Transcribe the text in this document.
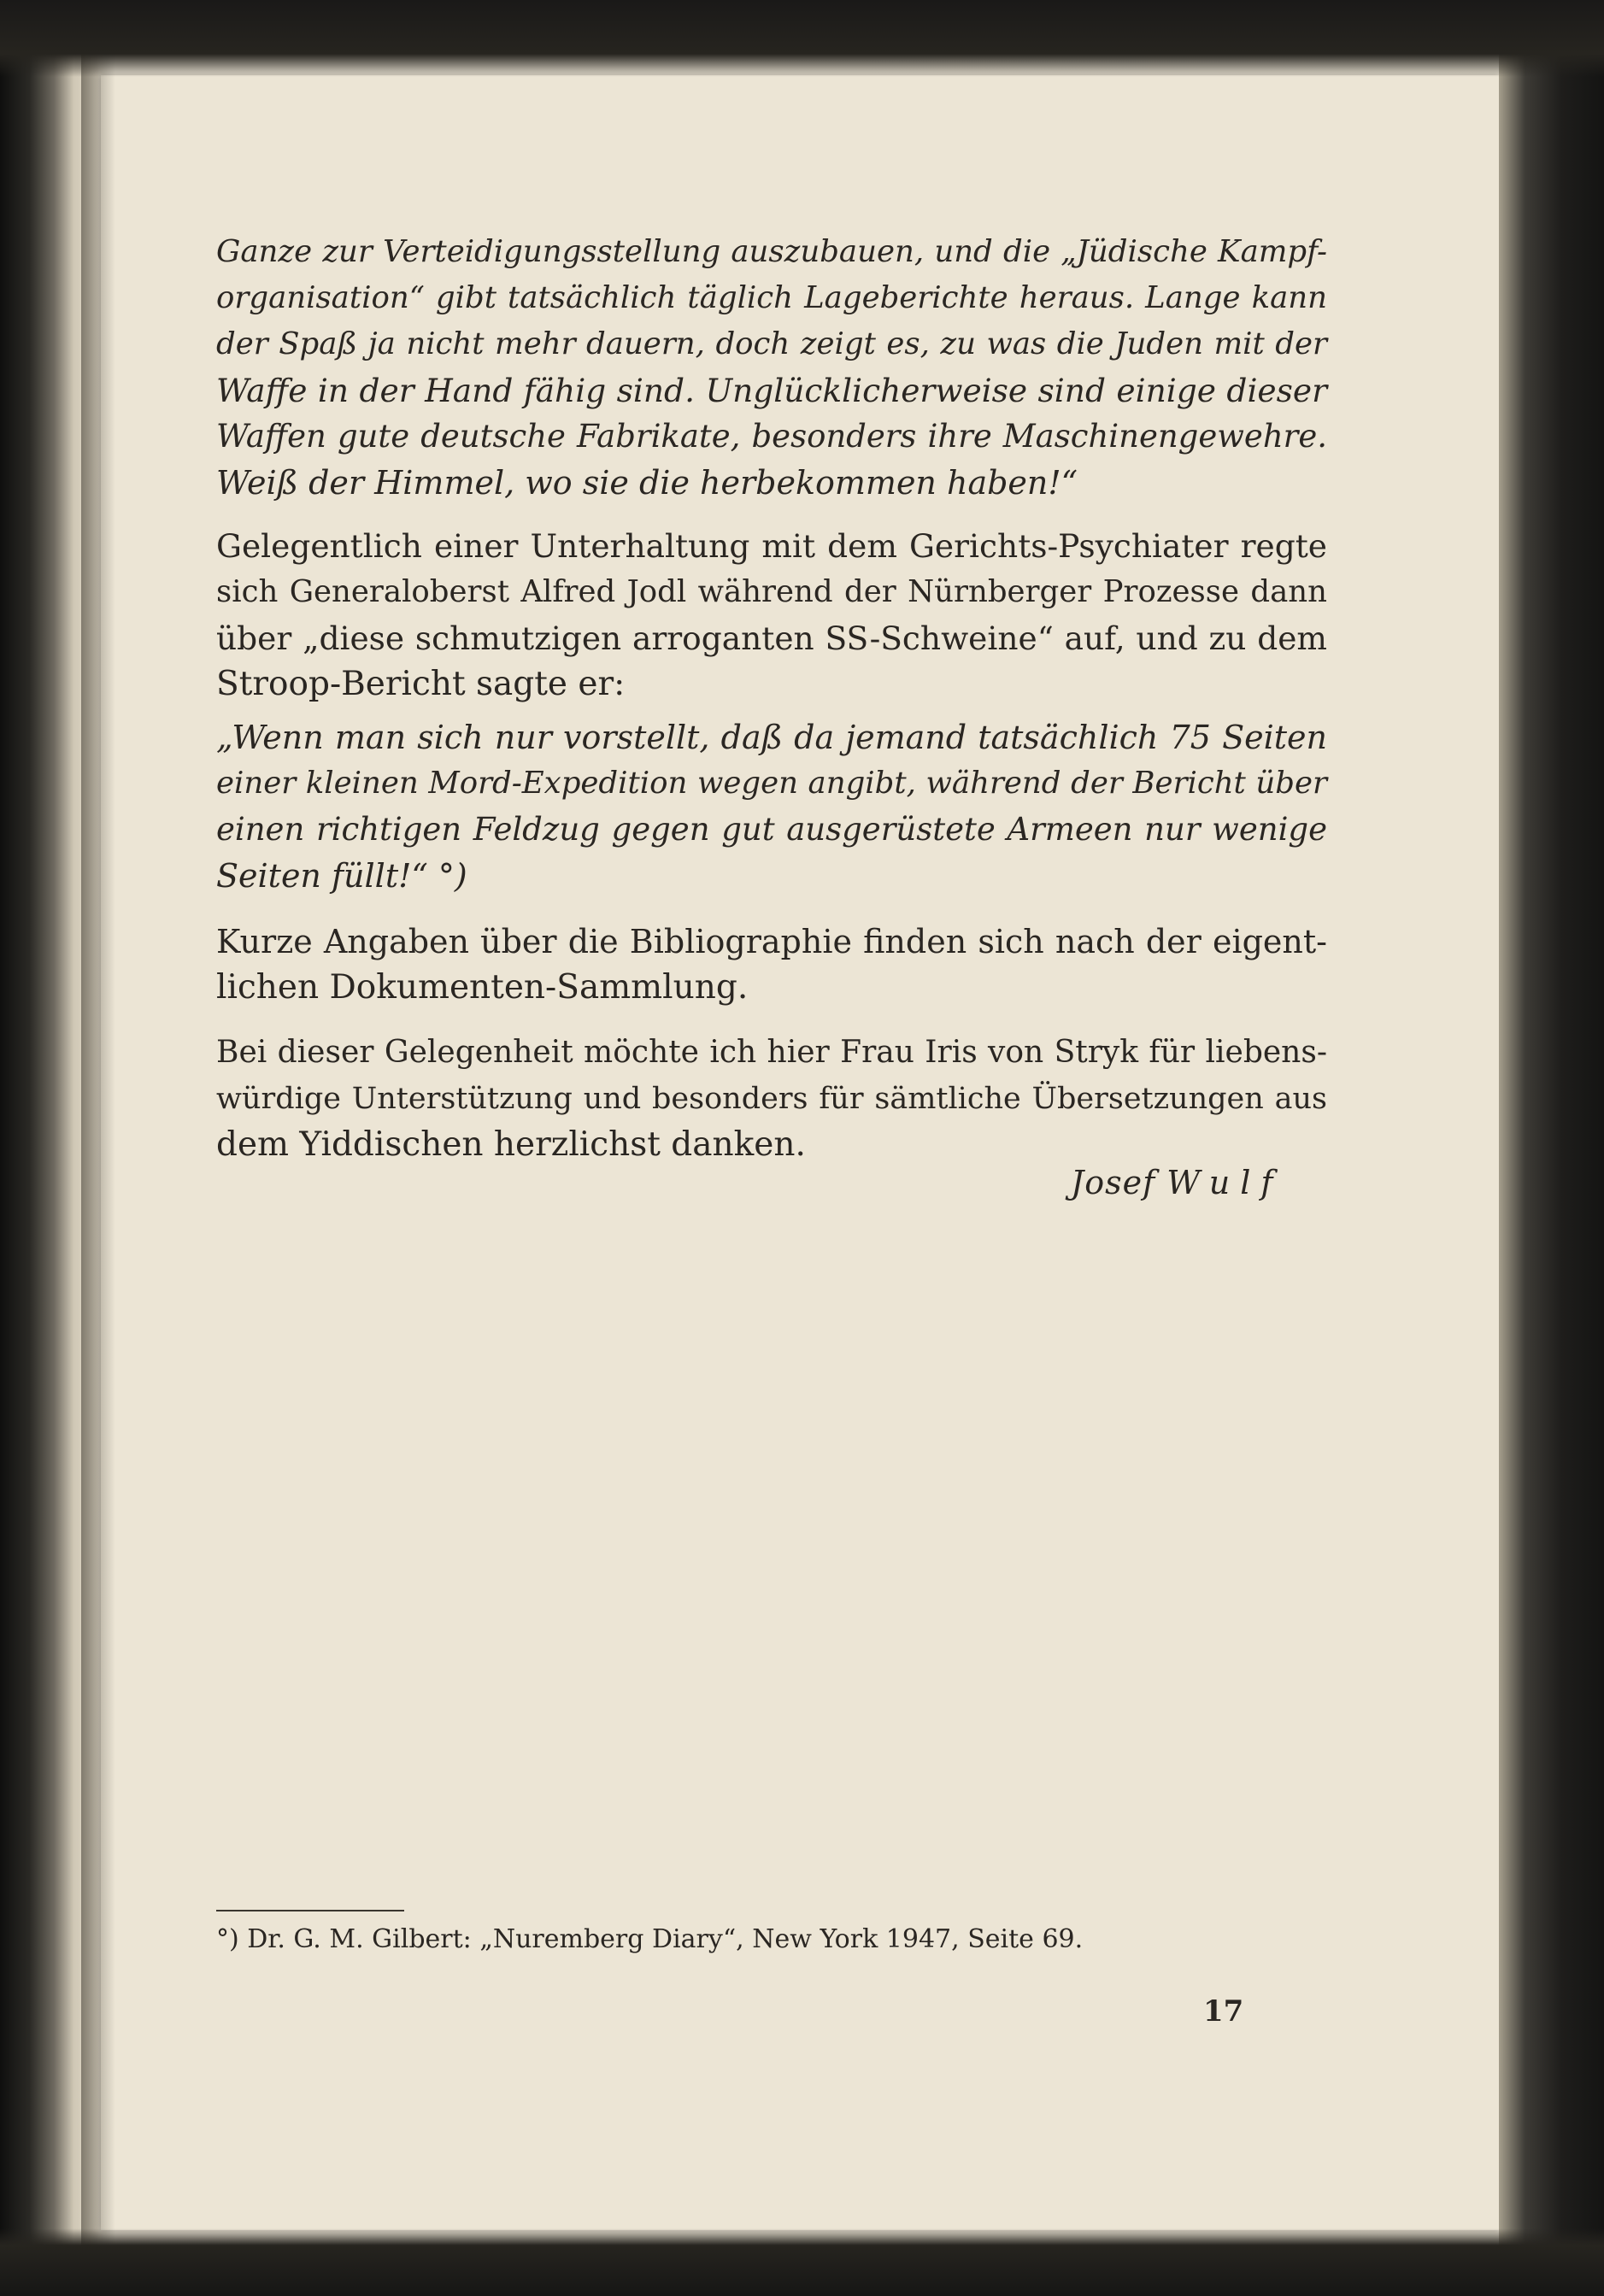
Ganze zur Verteidigungsstellung auszubauen, und die „Jüdische Kampf-
organisation“ gibt tatsächlich täglich Lageberichte heraus. Lange kann
der Spaß ja nicht mehr dauern, doch zeigt es, zu was die Juden mit der
Waffe in der Hand fähig sind. Unglücklicherweise sind einige dieser
Waffen gute deutsche Fabrikate, besonders ihre Maschinengewehre.
Weiß der Himmel, wo sie die herbekommen haben!“
Gelegentlich einer Unterhaltung mit dem Gerichts-Psychiater regte
sich Generaloberst Alfred Jodl während der Nürnberger Prozesse dann
über „diese schmutzigen arroganten SS-Schweine“ auf, und zu dem
Stroop-Bericht sagte er:
„Wenn man sich nur vorstellt, daß da jemand tatsächlich 75 Seiten
einer kleinen Mord-Expedition wegen angibt, während der Bericht über
einen richtigen Feldzug gegen gut ausgerüstete Armeen nur wenige
Seiten füllt!“ °)
Kurze Angaben über die Bibliographie finden sich nach der eigent-
lichen Dokumenten-Sammlung.
Bei dieser Gelegenheit möchte ich hier Frau Iris von Stryk für liebens-
würdige Unterstützung und besonders für sämtliche Übersetzungen aus
dem Yiddischen herzlichst danken.
Josef Wulf
°) Dr. G. M. Gilbert: „Nuremberg Diary“, New York 1947, Seite 69.
17
